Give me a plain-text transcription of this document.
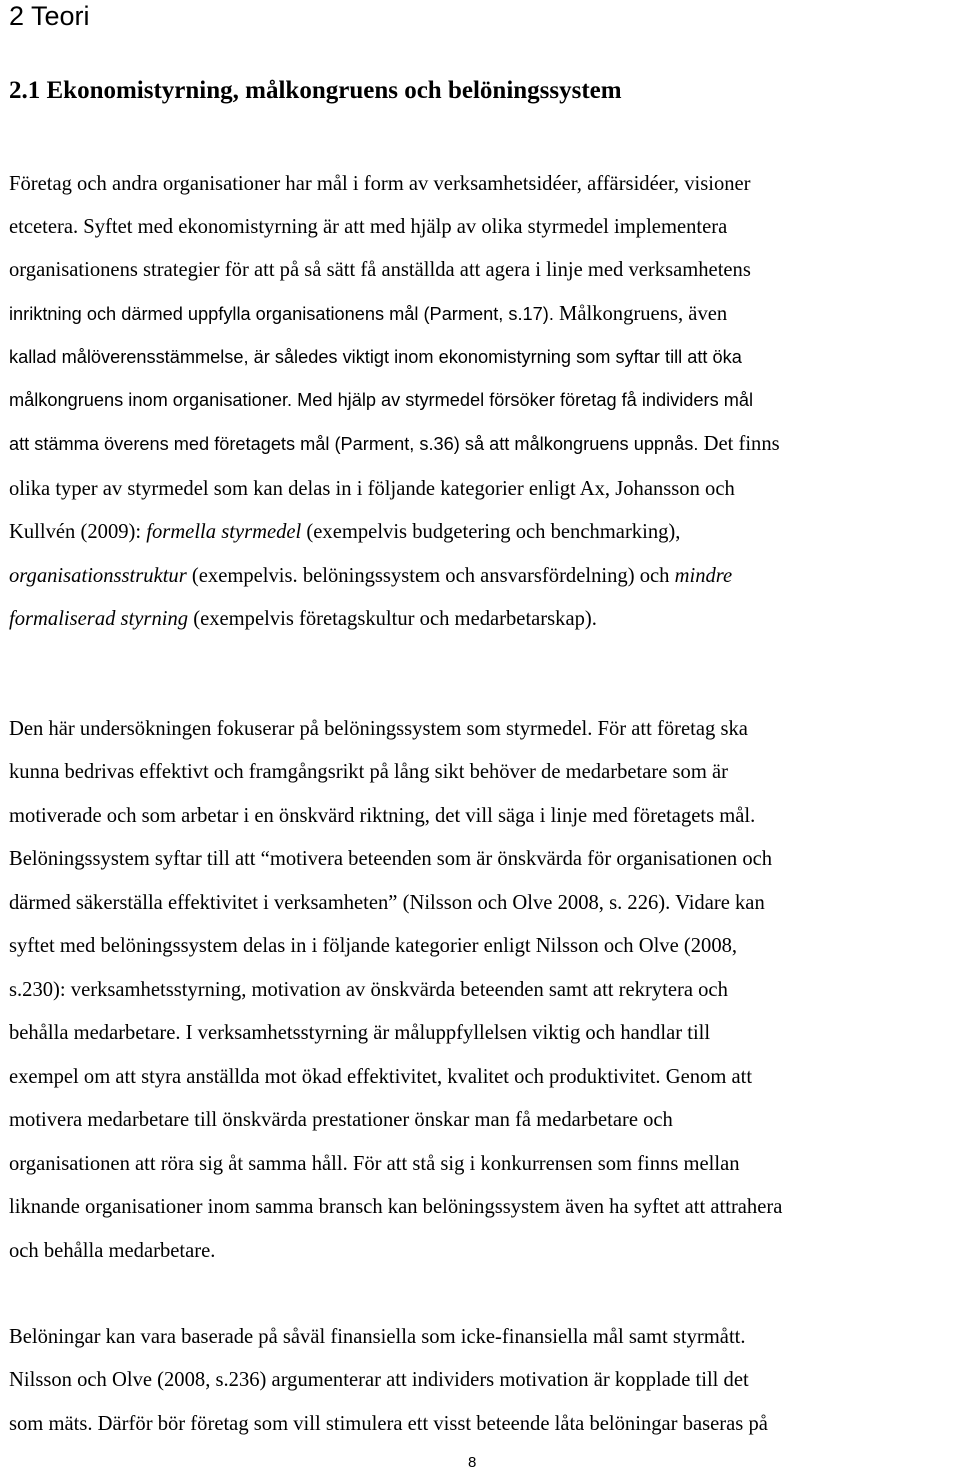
2 Teori
2.1 Ekonomistyrning, målkongruens och belöningssystem

Företag och andra organisationer har mål i form av verksamhetsidéer, affärsidéer, visioner

etcetera. Syftet med ekonomistyrning är att med hjälp av olika styrmedel implementera

organisationens strategier för att på så sätt få anställda att agera i linje med verksamhetens

inriktning och därmed uppfylla organisationens mål (Parment, s.17). Målkongruens, även

kallad målöverensstämmelse, är således viktigt inom ekonomistyrning som syftar till att öka

målkongruens inom organisationer. Med hjälp av styrmedel försöker företag få individers mål

att stämma överens med företagets mål (Parment, s.36) så att målkongruens uppnås. Det finns

olika typer av styrmedel som kan delas in i följande kategorier enligt Ax, Johansson och

Kullvén (2009): formella styrmedel (exempelvis budgetering och benchmarking),

organisationsstruktur (exempelvis. belöningssystem och ansvarsfördelning) och mindre

formaliserad styrning (exempelvis företagskultur och medarbetarskap).

Den här undersökningen fokuserar på belöningssystem som styrmedel. För att företag ska

kunna bedrivas effektivt och framgångsrikt på lång sikt behöver de medarbetare som är

motiverade och som arbetar i en önskvärd riktning, det vill säga i linje med företagets mål.

Belöningssystem syftar till att “motivera beteenden som är önskvärda för organisationen och

därmed säkerställa effektivitet i verksamheten” (Nilsson och Olve 2008, s. 226). Vidare kan

syftet med belöningssystem delas in i följande kategorier enligt Nilsson och Olve (2008,

s.230): verksamhetsstyrning, motivation av önskvärda beteenden samt att rekrytera och

behålla medarbetare. I verksamhetsstyrning är måluppfyllelsen viktig och handlar till

exempel om att styra anställda mot ökad effektivitet, kvalitet och produktivitet. Genom att

motivera medarbetare till önskvärda prestationer önskar man få medarbetare och

organisationen att röra sig åt samma håll. För att stå sig i konkurrensen som finns mellan

liknande organisationer inom samma bransch kan belöningssystem även ha syftet att attrahera

och behålla medarbetare.

Belöningar kan vara baserade på såväl finansiella som icke-finansiella mål samt styrmått.

Nilsson och Olve (2008, s.236) argumenterar att individers motivation är kopplade till det

som mäts. Därför bör företag som vill stimulera ett visst beteende låta belöningar baseras på

8
